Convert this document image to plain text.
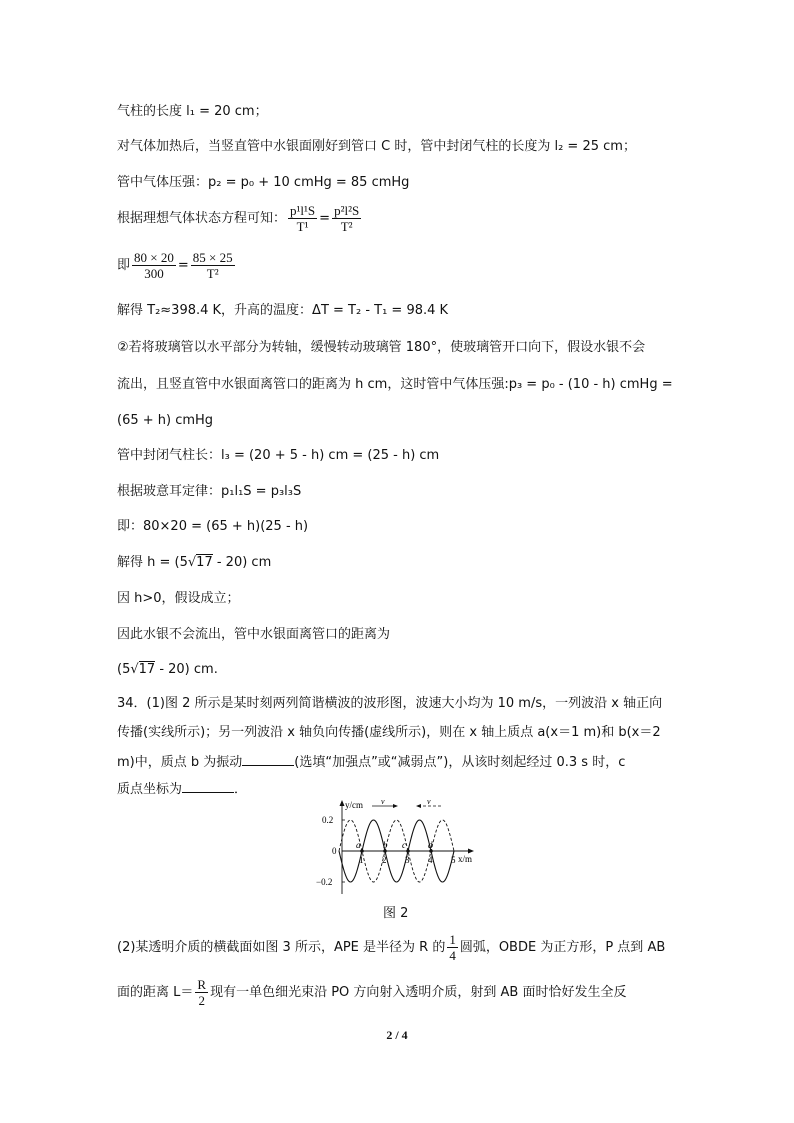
气柱的长度 l₁ = 20 cm；
对气体加热后，当竖直管中水银面刚好到管口 C 时，管中封闭气柱的长度为 l₂ = 25 cm；
管中气体压强：p₂ = p₀ + 10 cmHg = 85 cmHg
根据理想气体状态方程可知： $\frac{\text{p¹l¹S}}{\text{T¹}} = \frac{\text{p²l²S}}{\text{T²}}$
即 $\frac{80 \times 20}{300} = \frac{85 \times 25}{\text{T²}}$
解得 T₂≈398.4 K，升高的温度：ΔT = T₂ - T₁ = 98.4 K
②若将玻璃管以水平部分为转轴，缓慢转动玻璃管 180°，使玻璃管开口向下，假设水银不会
流出，且竖直管中水银面离管口的距离为 h cm，这时管中气体压强:p₃ = p₀ - (10 - h) cmHg =
(65 + h) cmHg
管中封闭气柱长：l₃ = (20 + 5 - h) cm = (25 - h) cm
根据玻意耳定律：p₁l₁S = p₃l₃S
即：80×20 = (65 + h)(25 - h)
解得 h = (5√17 - 20) cm
因 h>0，假设成立；
因此水银不会流出，管中水银面离管口的距离为
(5√17 - 20) cm.
34．(1)图 2 所示是某时刻两列简谐横波的波形图，波速大小均为 10 m/s，一列波沿 x 轴正向
传播(实线所示)；另一列波沿 x 轴负向传播(虚线所示)，则在 x 轴上质点 a(x＝1 m)和 b(x＝2
m)中，质点 b 为振动	(选填“加强点”或“减弱点”)，从该时刻起经过 0.3 s 时，c
质点坐标为	．
y/cm
x/m
0.2
0
−0.2
1 2 3 4 5
a	b c d
v	v
图 2
(2)某透明介质的横截面如图 3 所示，APE 是半径为 R 的 $\frac{1}{4}$ 圆弧，OBDE 为正方形，P 点到 AB
面的距离 $L= \frac{R}{2}$ 现有一单色细光束沿 PO 方向射入透明介质，射到 AB 面时恰好发生全反
2 / 4
